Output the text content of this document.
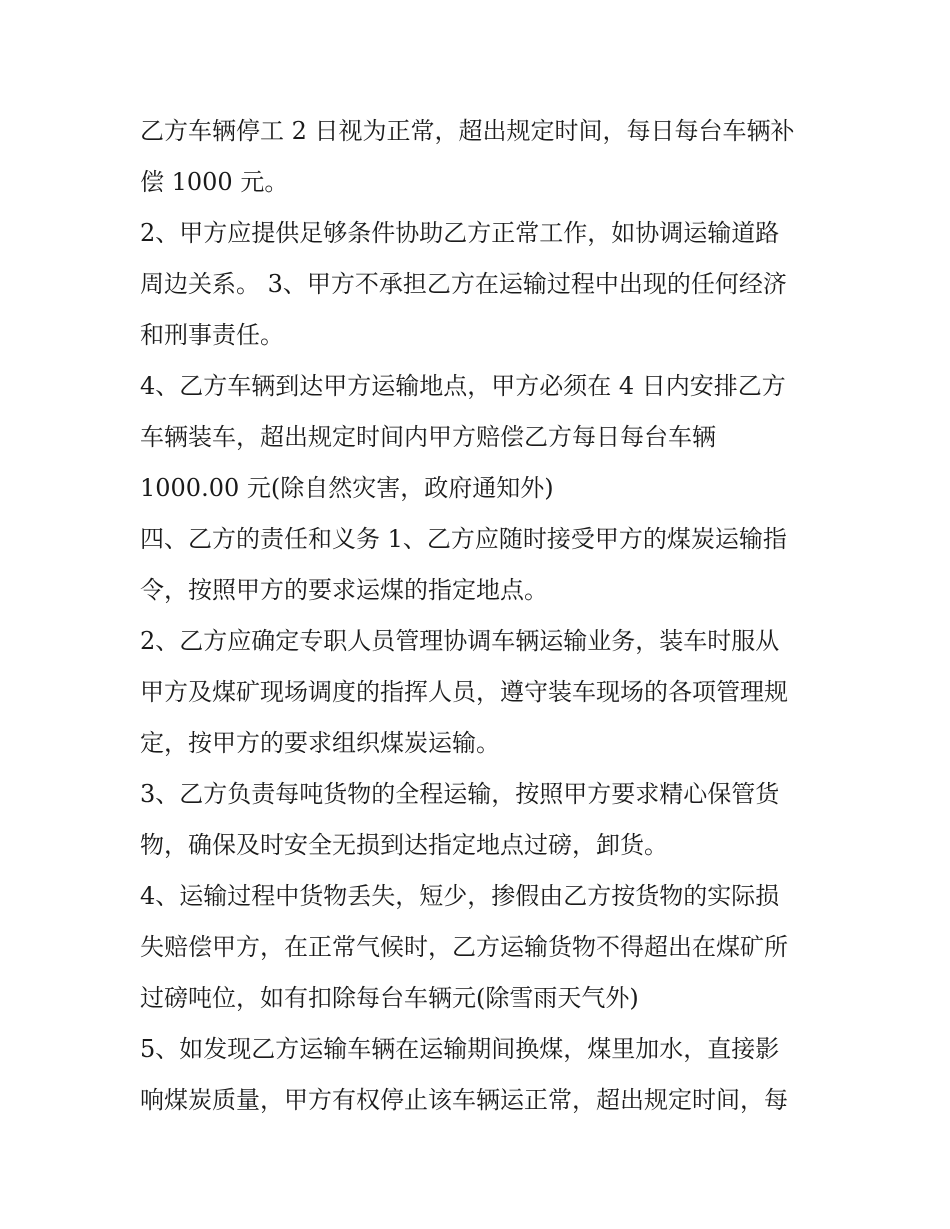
乙方车辆停工 2 日视为正常，超出规定时间，每日每台车辆补
偿 1000 元。
2、甲方应提供足够条件协助乙方正常工作，如协调运输道路
周边关系。 3、甲方不承担乙方在运输过程中出现的任何经济
和刑事责任。
4、乙方车辆到达甲方运输地点，甲方必须在 4 日内安排乙方
车辆装车，超出规定时间内甲方赔偿乙方每日每台车辆
1000.00 元(除自然灾害，政府通知外)
四、乙方的责任和义务 1、乙方应随时接受甲方的煤炭运输指
令，按照甲方的要求运煤的指定地点。
2、乙方应确定专职人员管理协调车辆运输业务，装车时服从
甲方及煤矿现场调度的指挥人员，遵守装车现场的各项管理规
定，按甲方的要求组织煤炭运输。
3、乙方负责每吨货物的全程运输，按照甲方要求精心保管货
物，确保及时安全无损到达指定地点过磅，卸货。
4、运输过程中货物丢失，短少，掺假由乙方按货物的实际损
失赔偿甲方，在正常气候时，乙方运输货物不得超出在煤矿所
过磅吨位，如有扣除每台车辆元(除雪雨天气外)
5、如发现乙方运输车辆在运输期间换煤，煤里加水，直接影
响煤炭质量，甲方有权停止该车辆运正常，超出规定时间，每
